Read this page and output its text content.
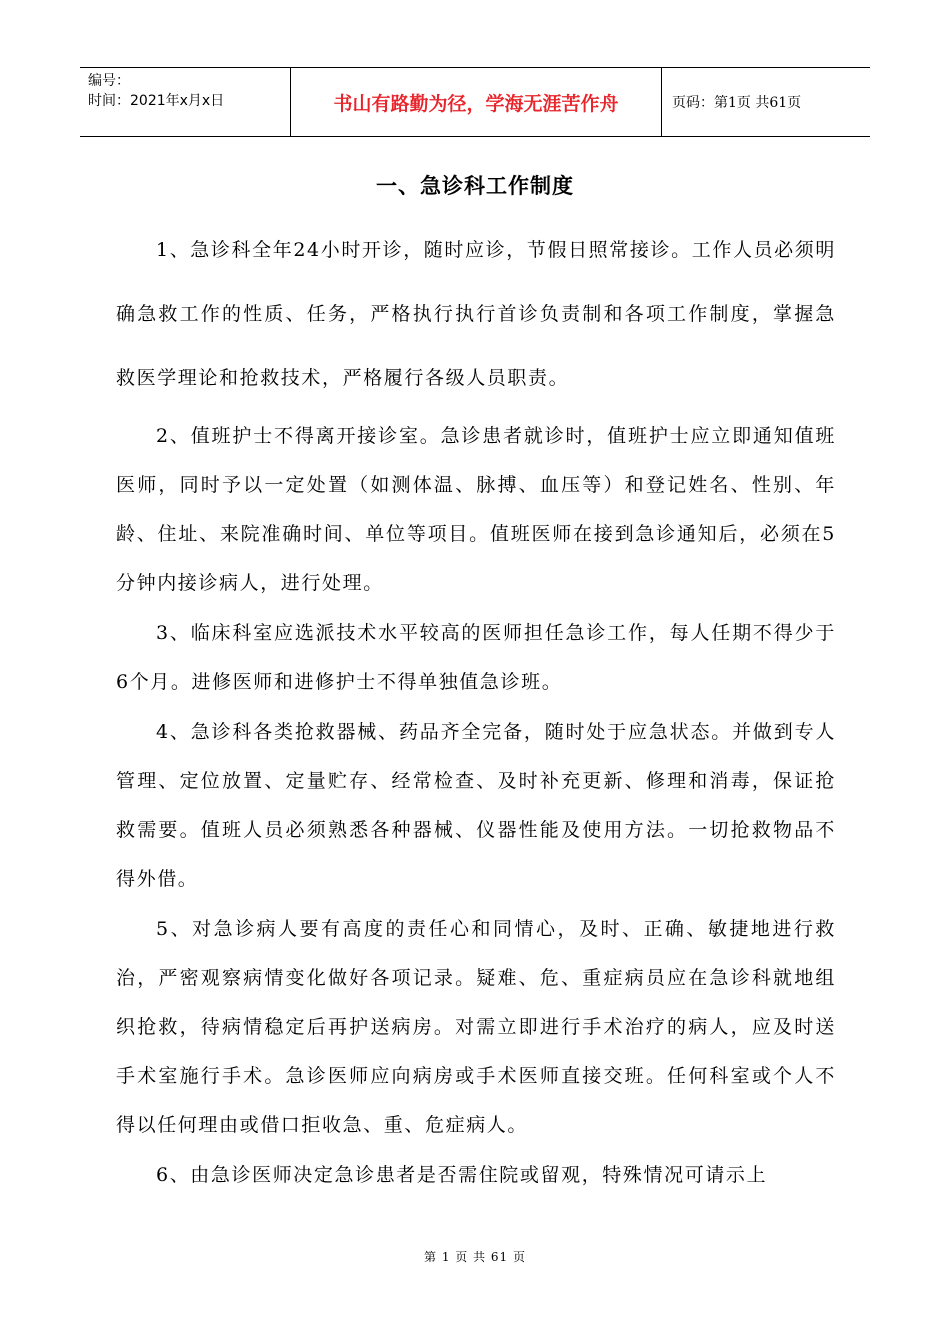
编号：
时间：2021年x月x日	书山有路勤为径，学海无涯苦作舟	页码：第1页 共61页
一、急诊科工作制度

1、急诊科全年24小时开诊，随时应诊，节假日照常接诊。工作人员必须明确急救工作的性质、任务，严格执行执行首诊负责制和各项工作制度，掌握急救医学理论和抢救技术，严格履行各级人员职责。

2、值班护士不得离开接诊室。急诊患者就诊时，值班护士应立即通知值班医师，同时予以一定处置（如测体温、脉搏、血压等）和登记姓名、性别、年龄、住址、来院准确时间、单位等项目。值班医师在接到急诊通知后，必须在5分钟内接诊病人，进行处理。

3、临床科室应选派技术水平较高的医师担任急诊工作，每人任期不得少于6个月。进修医师和进修护士不得单独值急诊班。

4、急诊科各类抢救器械、药品齐全完备，随时处于应急状态。并做到专人管理、定位放置、定量贮存、经常检查、及时补充更新、修理和消毒，保证抢救需要。值班人员必须熟悉各种器械、仪器性能及使用方法。一切抢救物品不得外借。

5、对急诊病人要有高度的责任心和同情心，及时、正确、敏捷地进行救治，严密观察病情变化做好各项记录。疑难、危、重症病员应在急诊科就地组织抢救，待病情稳定后再护送病房。对需立即进行手术治疗的病人，应及时送手术室施行手术。急诊医师应向病房或手术医师直接交班。任何科室或个人不得以任何理由或借口拒收急、重、危症病人。

6、由急诊医师决定急诊患者是否需住院或留观，特殊情况可请示上

第 1 页 共 61 页
